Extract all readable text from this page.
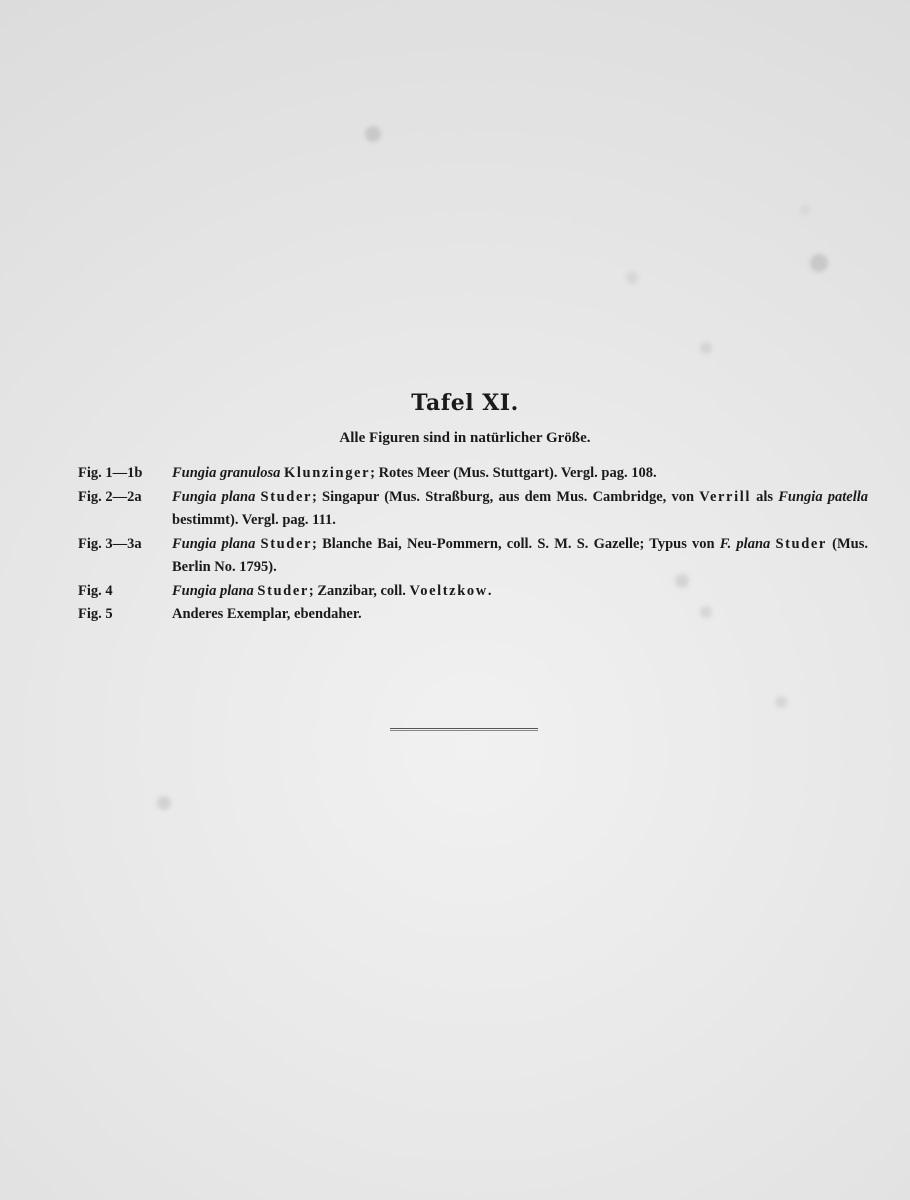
Tafel XI.
Alle Figuren sind in natürlicher Größe.
Fig. 1—1b	Fungia granulosa Klunzinger; Rotes Meer (Mus. Stuttgart). Vergl. pag. 108.
Fig. 2—2a	Fungia plana Studer; Singapur (Mus. Straßburg, aus dem Mus. Cambridge, von Verrill als Fungia patella bestimmt). Vergl. pag. 111.
Fig. 3—3a	Fungia plana Studer; Blanche Bai, Neu-Pommern, coll. S. M. S. Gazelle; Typus von F. plana Studer (Mus. Berlin No. 1795).
Fig. 4	Fungia plana Studer; Zanzibar, coll. Voeltzkow.
Fig. 5	Anderes Exemplar, ebendaher.
